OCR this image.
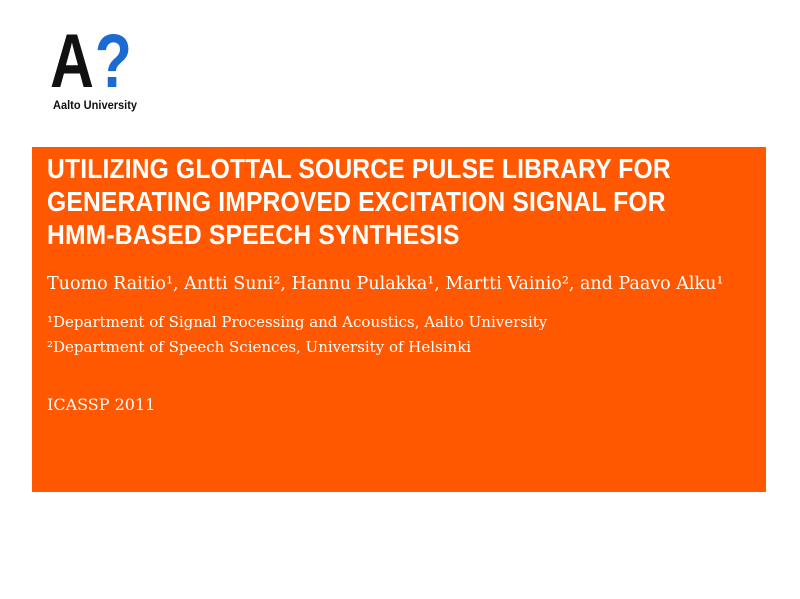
A?
Aalto University
UTILIZING GLOTTAL SOURCE PULSE LIBRARY FOR
GENERATING IMPROVED EXCITATION SIGNAL FOR
HMM-BASED SPEECH SYNTHESIS
Tuomo Raitio¹, Antti Suni², Hannu Pulakka¹, Martti Vainio², and Paavo Alku¹
¹Department of Signal Processing and Acoustics, Aalto University
²Department of Speech Sciences, University of Helsinki
ICASSP 2011
